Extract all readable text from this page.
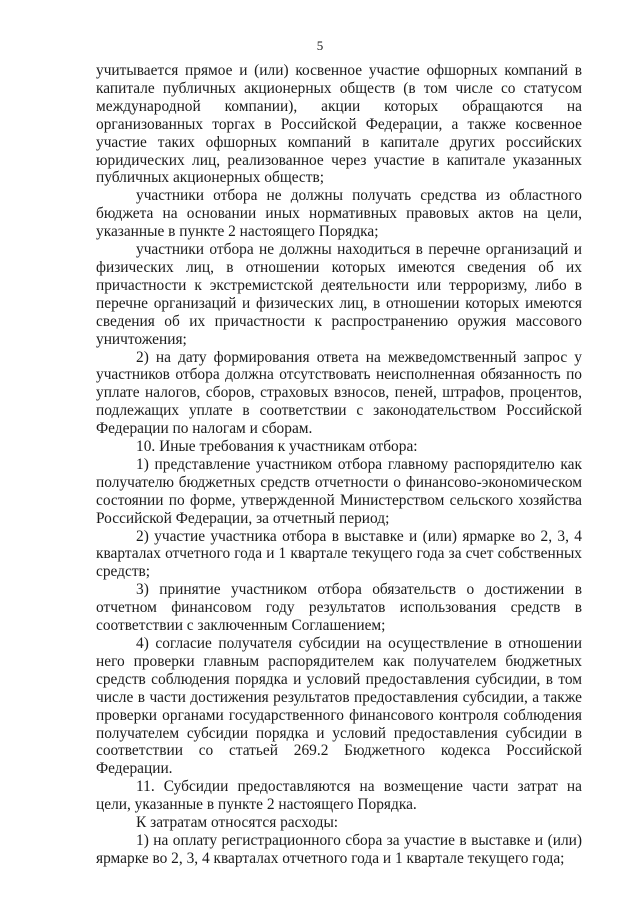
5

учитывается прямое и (или) косвенное участие офшорных компаний в капитале публичных акционерных обществ (в том числе со статусом международной компании), акции которых обращаются на организованных торгах в Российской Федерации, а также косвенное участие таких офшорных компаний в капитале других российских юридических лиц, реализованное через участие в капитале указанных публичных акционерных обществ;

участники отбора не должны получать средства из областного бюджета на основании иных нормативных правовых актов на цели, указанные в пункте 2 настоящего Порядка;

участники отбора не должны находиться в перечне организаций и физических лиц, в отношении которых имеются сведения об их причастности к экстремистской деятельности или терроризму, либо в перечне организаций и физических лиц, в отношении которых имеются сведения об их причастности к распространению оружия массового уничтожения;

2) на дату формирования ответа на межведомственный запрос у участников отбора должна отсутствовать неисполненная обязанность по уплате налогов, сборов, страховых взносов, пеней, штрафов, процентов, подлежащих уплате в соответствии с законодательством Российской Федерации по налогам и сборам.

10. Иные требования к участникам отбора:

1) представление участником отбора главному распорядителю как получателю бюджетных средств отчетности о финансово-экономическом состоянии по форме, утвержденной Министерством сельского хозяйства Российской Федерации, за отчетный период;

2) участие участника отбора в выставке и (или) ярмарке во 2, 3, 4 кварталах отчетного года и 1 квартале текущего года за счет собственных средств;

3) принятие участником отбора обязательств о достижении в отчетном финансовом году результатов использования средств в соответствии с заключенным Соглашением;

4) согласие получателя субсидии на осуществление в отношении него проверки главным распорядителем как получателем бюджетных средств соблюдения порядка и условий предоставления субсидии, в том числе в части достижения результатов предоставления субсидии, а также проверки органами государственного финансового контроля соблюдения получателем субсидии порядка и условий предоставления субсидии в соответствии со статьей 269.2 Бюджетного кодекса Российской Федерации.

11. Субсидии предоставляются на возмещение части затрат на цели, указанные в пункте 2 настоящего Порядка.

К затратам относятся расходы:

1) на оплату регистрационного сбора за участие в выставке и (или) ярмарке во 2, 3, 4 кварталах отчетного года и 1 квартале текущего года;
